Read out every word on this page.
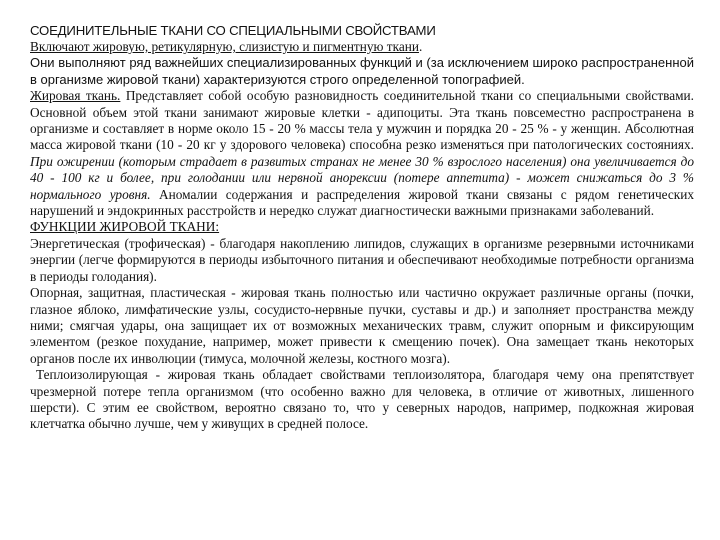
СОЕДИНИТЕЛЬНЫЕ ТКАНИ СО СПЕЦИАЛЬНЫМИ СВОЙСТВАМИ

Включают жировую, ретикулярную, слизистую и пигментную ткани.

Они выполняют ряд важнейших специализированных функций и (за исключением широко распространенной в организме жировой ткани) характеризуются строго определенной топографией.

Жировая ткань. Представляет собой особую разновидность соединительной ткани со специальными свойствами. Основной объем этой ткани занимают жировые клетки - адипоциты. Эта ткань повсеместно распространена в организме и составляет в норме около 15 - 20 % массы тела у мужчин и порядка 20 - 25 % - у женщин. Абсолютная масса жировой ткани (10 - 20 кг у здорового человека) способна резко изменяться при патологических состояниях. При ожирении (которым страдает в развитых странах не менее 30 % взрослого населения) она увеличивается до 40 - 100 кг и более, при голодании или нервной анорексии (потере аппетита) - может снижаться до 3 % нормального уровня. Аномалии содержания и распределения жировой ткани связаны с рядом генетических нарушений и эндокринных расстройств и нередко служат диагностически важными признаками заболеваний.

ФУНКЦИИ ЖИРОВОЙ ТКАНИ:

Энергетическая (трофическая) - благодаря накоплению липидов, служащих в организме резервными источниками энергии (легче формируются в периоды избыточного питания и обеспечивают необходимые потребности организма в периоды голодания).

Опорная, защитная, пластическая - жировая ткань полностью или частично окружает различные органы (почки, глазное яблоко, лимфатические узлы, сосудисто-нервные пучки, суставы и др.) и заполняет пространства между ними; смягчая удары, она защищает их от возможных механических травм, служит опорным и фиксирующим элементом (резкое похудание, например, может привести к смещению почек). Она замещает ткань некоторых органов после их инволюции (тимуса, молочной железы, костного мозга).

Теплоизолирующая - жировая ткань обладает свойствами теплоизолятора, благодаря чему она препятствует чрезмерной потере тепла организмом (что особенно важно для человека, в отличие от животных, лишенного шерсти). С этим ее свойством, вероятно связано то, что у северных народов, например, подкожная жировая клетчатка обычно лучше, чем у живущих в средней полосе.
